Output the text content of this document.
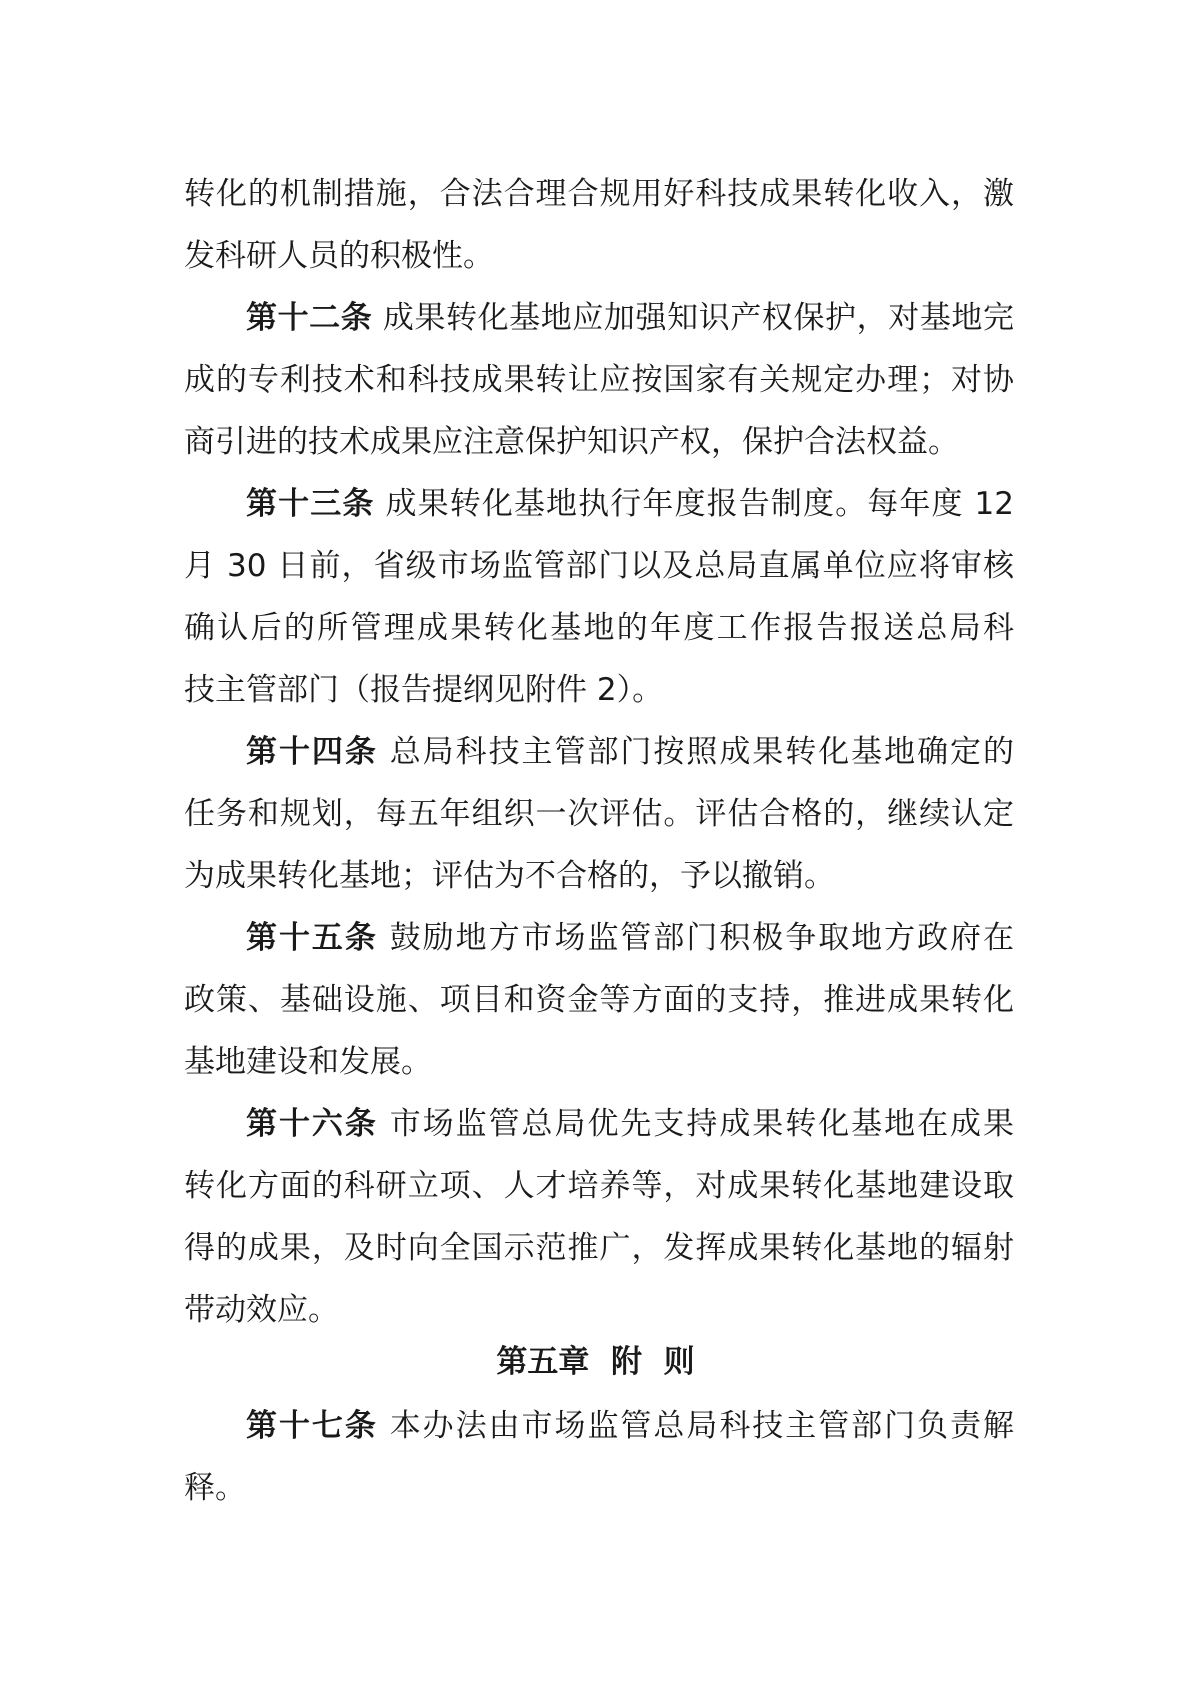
转化的机制措施，合法合理合规用好科技成果转化收入，激
发科研人员的积极性。
第十二条 成果转化基地应加强知识产权保护，对基地完
成的专利技术和科技成果转让应按国家有关规定办理；对协
商引进的技术成果应注意保护知识产权，保护合法权益。
第十三条 成果转化基地执行年度报告制度。每年度 12
月 30 日前，省级市场监管部门以及总局直属单位应将审核
确认后的所管理成果转化基地的年度工作报告报送总局科
技主管部门（报告提纲见附件 2）。
第十四条 总局科技主管部门按照成果转化基地确定的
任务和规划，每五年组织一次评估。评估合格的，继续认定
为成果转化基地；评估为不合格的，予以撤销。
第十五条 鼓励地方市场监管部门积极争取地方政府在
政策、基础设施、项目和资金等方面的支持，推进成果转化
基地建设和发展。
第十六条 市场监管总局优先支持成果转化基地在成果
转化方面的科研立项、人才培养等，对成果转化基地建设取
得的成果，及时向全国示范推广，发挥成果转化基地的辐射
带动效应。
第五章  附  则
第十七条 本办法由市场监管总局科技主管部门负责解
释。
